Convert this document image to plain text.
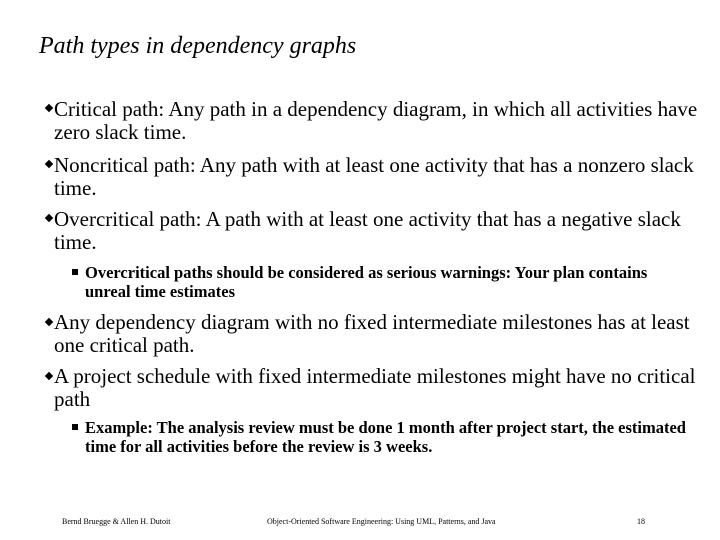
Path types in dependency graphs
Critical path: Any path in a dependency diagram, in which all activities have zero slack time.
Noncritical path: Any path with at least one activity that has a nonzero slack time.
Overcritical path: A path with at least one activity that has a negative slack time.
Overcritical paths should be considered as serious warnings: Your plan contains unreal time estimates
Any dependency diagram with no fixed intermediate milestones has at least one critical path.
A project schedule with fixed intermediate milestones might have no critical path
Example: The analysis review must be done 1 month after project start, the estimated time for all activities before the review is 3 weeks.
Bernd Bruegge & Allen H. Dutoit	Object-Oriented Software Engineering: Using UML, Patterns, and Java	18
